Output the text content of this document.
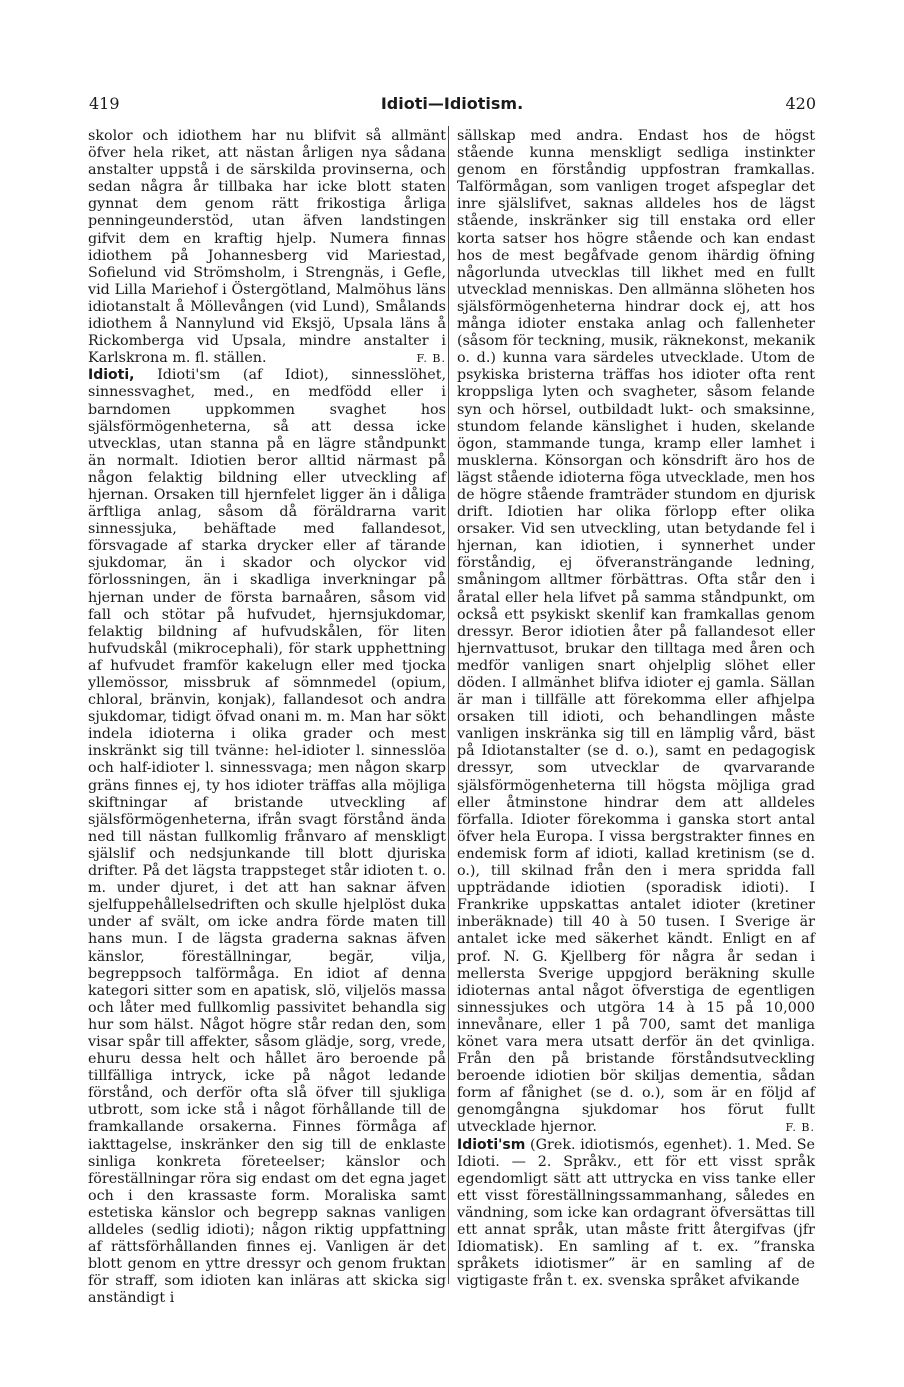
419	Idioti—Idiotism.	420

skolor och idiothem har nu blifvit så allmänt öfver hela riket, att nästan årligen nya sådana anstalter uppstå i de särskilda provinserna, och sedan några år tillbaka har icke blott staten gynnat dem genom rätt frikostiga årliga penningeunderstöd, utan äfven landstingen gifvit dem en kraftig hjelp. Numera finnas idiothem på Johannesberg vid Mariestad, Sofielund vid Strömsholm, i Strengnäs, i Gefle, vid Lilla Mariehof i Östergötland, Malmöhus läns idiotanstalt å Möllevången (vid Lund), Smålands idiothem å Nannylund vid Eksjö, Upsala läns å Rickomberga vid Upsala, mindre anstalter i Karlskrona m. fl. ställen.	F. B.

Idioti, Idioti'sm (af Idiot), sinnesslöhet, sinnessvaghet, med., en medfödd eller i barndomen uppkommen svaghet hos själsförmögenheterna, så att dessa icke utvecklas, utan stanna på en lägre ståndpunkt än normalt. Idiotien beror alltid närmast på någon felaktig bildning eller utveckling af hjernan. Orsaken till hjernfelet ligger än i dåliga ärftliga anlag, såsom då föräldrarna varit sinnessjuka, behäftade med fallandesot, försvagade af starka drycker eller af tärande sjukdomar, än i skador och olyckor vid förlossningen, än i skadliga inverkningar på hjernan under de första barnaåren, såsom vid fall och stötar på hufvudet, hjernsjukdomar, felaktig bildning af hufvudskålen, för liten hufvudskål (mikrocephali), för stark upphettning af hufvudet framför kakelugn eller med tjocka yllemössor, missbruk af sömnmedel (opium, chloral, bränvin, konjak), fallandesot och andra sjukdomar, tidigt öfvad onani m. m. Man har sökt indela idioterna i olika grader och mest inskränkt sig till tvänne: hel-idioter l. sinnesslöa och half-idioter l. sinnessvaga; men någon skarp gräns finnes ej, ty hos idioter träffas alla möjliga skiftningar af bristande utveckling af själsförmögenheterna, ifrån svagt förstånd ända ned till nästan fullkomlig frånvaro af menskligt själslif och nedsjunkande till blott djuriska drifter. På det lägsta trappsteget står idioten t. o. m. under djuret, i det att han saknar äfven sjelfuppehållelsedriften och skulle hjelplöst duka under af svält, om icke andra förde maten till hans mun. I de lägsta graderna saknas äfven känslor, föreställningar, begär, vilja, begreppsoch talförmåga. En idiot af denna kategori sitter som en apatisk, slö, viljelös massa och låter med fullkomlig passivitet behandla sig hur som hälst. Något högre står redan den, som visar spår till affekter, såsom glädje, sorg, vrede, ehuru dessa helt och hållet äro beroende på tillfälliga intryck, icke på något ledande förstånd, och derför ofta slå öfver till sjukliga utbrott, som icke stå i något förhållande till de framkallande orsakerna. Finnes förmåga af iakttagelse, inskränker den sig till de enklaste sinliga konkreta företeelser; känslor och föreställningar röra sig endast om det egna jaget och i den krassaste form. Moraliska samt estetiska känslor och begrepp saknas vanligen alldeles (sedlig idioti); någon riktig uppfattning af rättsförhållanden finnes ej. Vanligen är det blott genom en yttre dressyr och genom fruktan för straff, som idioten kan inläras att skicka sig anständigt i

sällskap med andra. Endast hos de högst stående kunna menskligt sedliga instinkter genom en förståndig uppfostran framkallas. Talförmågan, som vanligen troget afspeglar det inre själslifvet, saknas alldeles hos de lägst stående, inskränker sig till enstaka ord eller korta satser hos högre stående och kan endast hos de mest begåfvade genom ihärdig öfning någorlunda utvecklas till likhet med en fullt utvecklad menniskas. Den allmänna slöheten hos själsförmögenheterna hindrar dock ej, att hos många idioter enstaka anlag och fallenheter (såsom för teckning, musik, räknekonst, mekanik o. d.) kunna vara särdeles utvecklade. Utom de psykiska bristerna träffas hos idioter ofta rent kroppsliga lyten och svagheter, såsom felande syn och hörsel, outbildadt lukt- och smaksinne, stundom felande känslighet i huden, skelande ögon, stammande tunga, kramp eller lamhet i musklerna. Könsorgan och könsdrift äro hos de lägst stående idioterna föga utvecklade, men hos de högre stående framträder stundom en djurisk drift. Idiotien har olika förlopp efter olika orsaker. Vid sen utveckling, utan betydande fel i hjernan, kan idiotien, i synnerhet under förståndig, ej öfveransträngande ledning, småningom alltmer förbättras. Ofta står den i åratal eller hela lifvet på samma ståndpunkt, om också ett psykiskt skenlif kan framkallas genom dressyr. Beror idiotien åter på fallandesot eller hjernvattusot, brukar den tilltaga med åren och medför vanligen snart ohjelplig slöhet eller döden. I allmänhet blifva idioter ej gamla. Sällan är man i tillfälle att förekomma eller afhjelpa orsaken till idioti, och behandlingen måste vanligen inskränka sig till en lämplig vård, bäst på Idiotanstalter (se d. o.), samt en pedagogisk dressyr, som utvecklar de qvarvarande själsförmögenheterna till högsta möjliga grad eller åtminstone hindrar dem att alldeles förfalla. Idioter förekomma i ganska stort antal öfver hela Europa. I vissa bergstrakter finnes en endemisk form af idioti, kallad kretinism (se d. o.), till skilnad från den i mera spridda fall uppträdande idiotien (sporadisk idioti). I Frankrike uppskattas antalet idioter (kretiner inberäknade) till 40 à 50 tusen. I Sverige är antalet icke med säkerhet kändt. Enligt en af prof. N. G. Kjellberg för några år sedan i mellersta Sverige uppgjord beräkning skulle idioternas antal något öfverstiga de egentligen sinnessjukes och utgöra 14 à 15 på 10,000 innevånare, eller 1 på 700, samt det manliga könet vara mera utsatt derför än det qvinliga. Från den på bristande förståndsutveckling beroende idiotien bör skiljas dementia, sådan form af fånighet (se d. o.), som är en följd af genomgångna sjukdomar hos förut fullt utvecklade hjernor.	F. B.

Idioti'sm (Grek. idiotismós, egenhet). 1. Med. Se Idioti. — 2. Språkv., ett för ett visst språk egendomligt sätt att uttrycka en viss tanke eller ett visst föreställningssammanhang, således en vändning, som icke kan ordagrant öfversättas till ett annat språk, utan måste fritt återgifvas (jfr Idiomatisk). En samling af t. ex. ”franska språkets idiotismer” är en samling af de vigtigaste från t. ex. svenska språket afvikande
